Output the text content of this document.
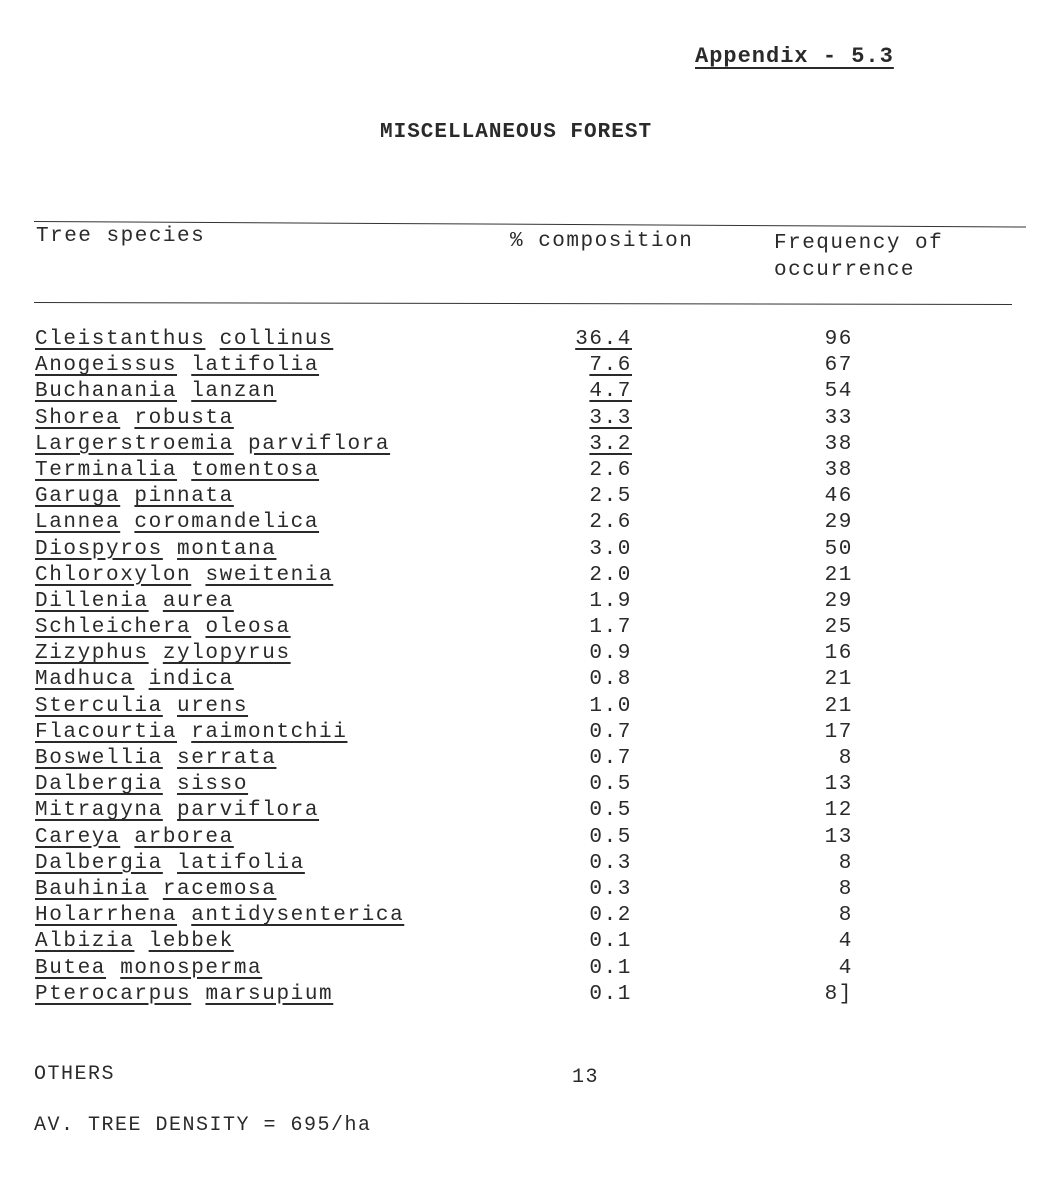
Appendix - 5.3

MISCELLANEOUS FOREST

Tree species	% composition	Frequency of
occurrence

Cleistanthus collinus	36.4	96
Anogeissus latifolia	7.6	67
Buchanania lanzan	4.7	54
Shorea robusta	3.3	33
Largerstroemia parviflora	3.2	38
Terminalia tomentosa	2.6	38
Garuga pinnata	2.5	46
Lannea coromandelica	2.6	29
Diospyros montana	3.0	50
Chloroxylon sweitenia	2.0	21
Dillenia aurea	1.9	29
Schleichera oleosa	1.7	25
Zizyphus zylopyrus	0.9	16
Madhuca indica	0.8	21
Sterculia urens	1.0	21
Flacourtia raimontchii	0.7	17
Boswellia serrata	0.7	8
Dalbergia sisso	0.5	13
Mitragyna parviflora	0.5	12
Careya arborea	0.5	13
Dalbergia latifolia	0.3	8
Bauhinia racemosa	0.3	8
Holarrhena antidysenterica	0.2	8
Albizia lebbek	0.1	4
Butea monosperma	0.1	4
Pterocarpus marsupium	0.1	8]
OTHERS	13
AV. TREE DENSITY = 695/ha
